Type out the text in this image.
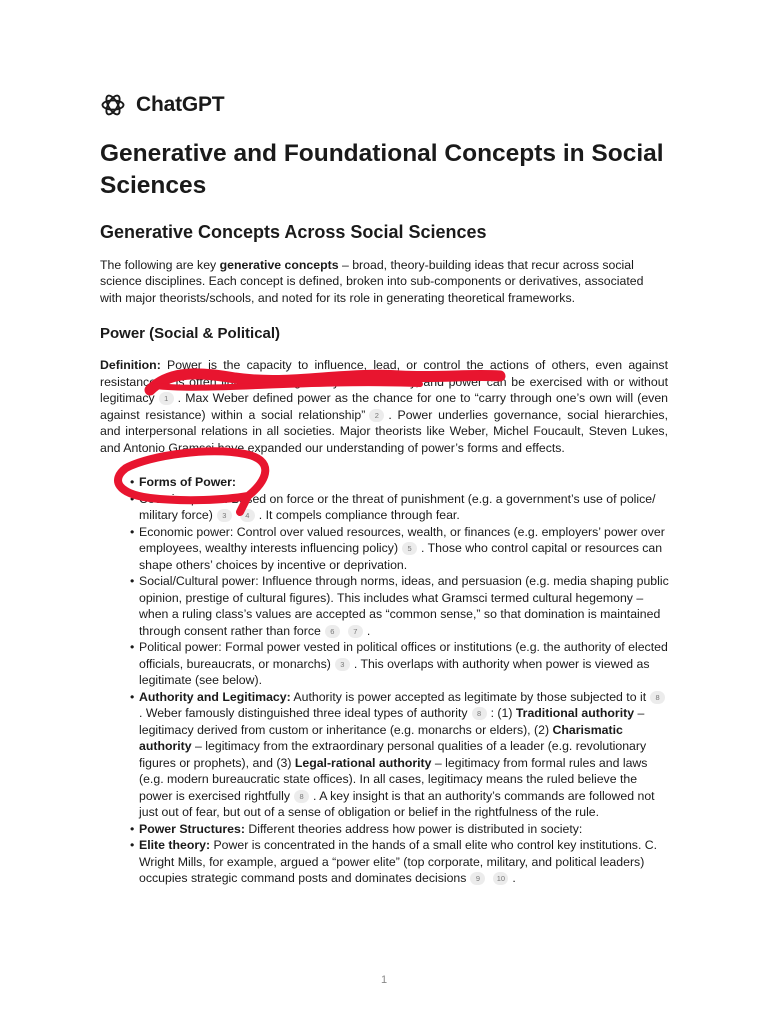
ChatGPT
Generative and Foundational Concepts in Social Sciences
Generative Concepts Across Social Sciences

The following are key generative concepts – broad, theory-building ideas that recur across social science disciplines. Each concept is defined, broken into sub-components or derivatives, associated with major theorists/schools, and noted for its role in generating theoretical frameworks.

Power (Social & Political)

Definition: Power is the capacity to influence, lead, or control the actions of others, even against resistance. It is often linked with legitimacy and authority, and power can be exercised with or without legitimacy 1 . Max Weber defined power as the chance for one to “carry through one’s own will (even against resistance) within a social relationship” 2 . Power underlies governance, social hierarchies, and interpersonal relations in all societies. Major theorists like Weber, Michel Foucault, Steven Lukes, and Antonio Gramsci have expanded our understanding of power’s forms and effects.

• Forms of Power:
• Coercive power: Based on force or the threat of punishment (e.g. a government’s use of police/ military force) 3	4 . It compels compliance through fear.
• Economic power: Control over valued resources, wealth, or finances (e.g. employers’ power over employees, wealthy interests influencing policy) 5 . Those who control capital or resources can shape others’ choices by incentive or deprivation.
• Social/Cultural power: Influence through norms, ideas, and persuasion (e.g. media shaping public opinion, prestige of cultural figures). This includes what Gramsci termed cultural hegemony – when a ruling class’s values are accepted as “common sense,” so that domination is maintained through consent rather than force 6	7 .
• Political power: Formal power vested in political offices or institutions (e.g. the authority of elected officials, bureaucrats, or monarchs) 3 . This overlaps with authority when power is viewed as legitimate (see below).
• Authority and Legitimacy: Authority is power accepted as legitimate by those subjected to it 8. Weber famously distinguished three ideal types of authority 8 : (1) Traditional authority – legitimacy derived from custom or inheritance (e.g. monarchs or elders), (2) Charismatic authority – legitimacy from the extraordinary personal qualities of a leader (e.g. revolutionary figures or prophets), and (3) Legal-rational authority – legitimacy from formal rules and laws (e.g. modern bureaucratic state offices). In all cases, legitimacy means the ruled believe the power is exercised rightfully 8 . A key insight is that an authority’s commands are followed not just out of fear, but out of a sense of obligation or belief in the rightfulness of the rule.
• Power Structures: Different theories address how power is distributed in society:
• Elite theory: Power is concentrated in the hands of a small elite who control key institutions. C. Wright Mills, for example, argued a “power elite” (top corporate, military, and political leaders) occupies strategic command posts and dominates decisions 9 10 .
1
